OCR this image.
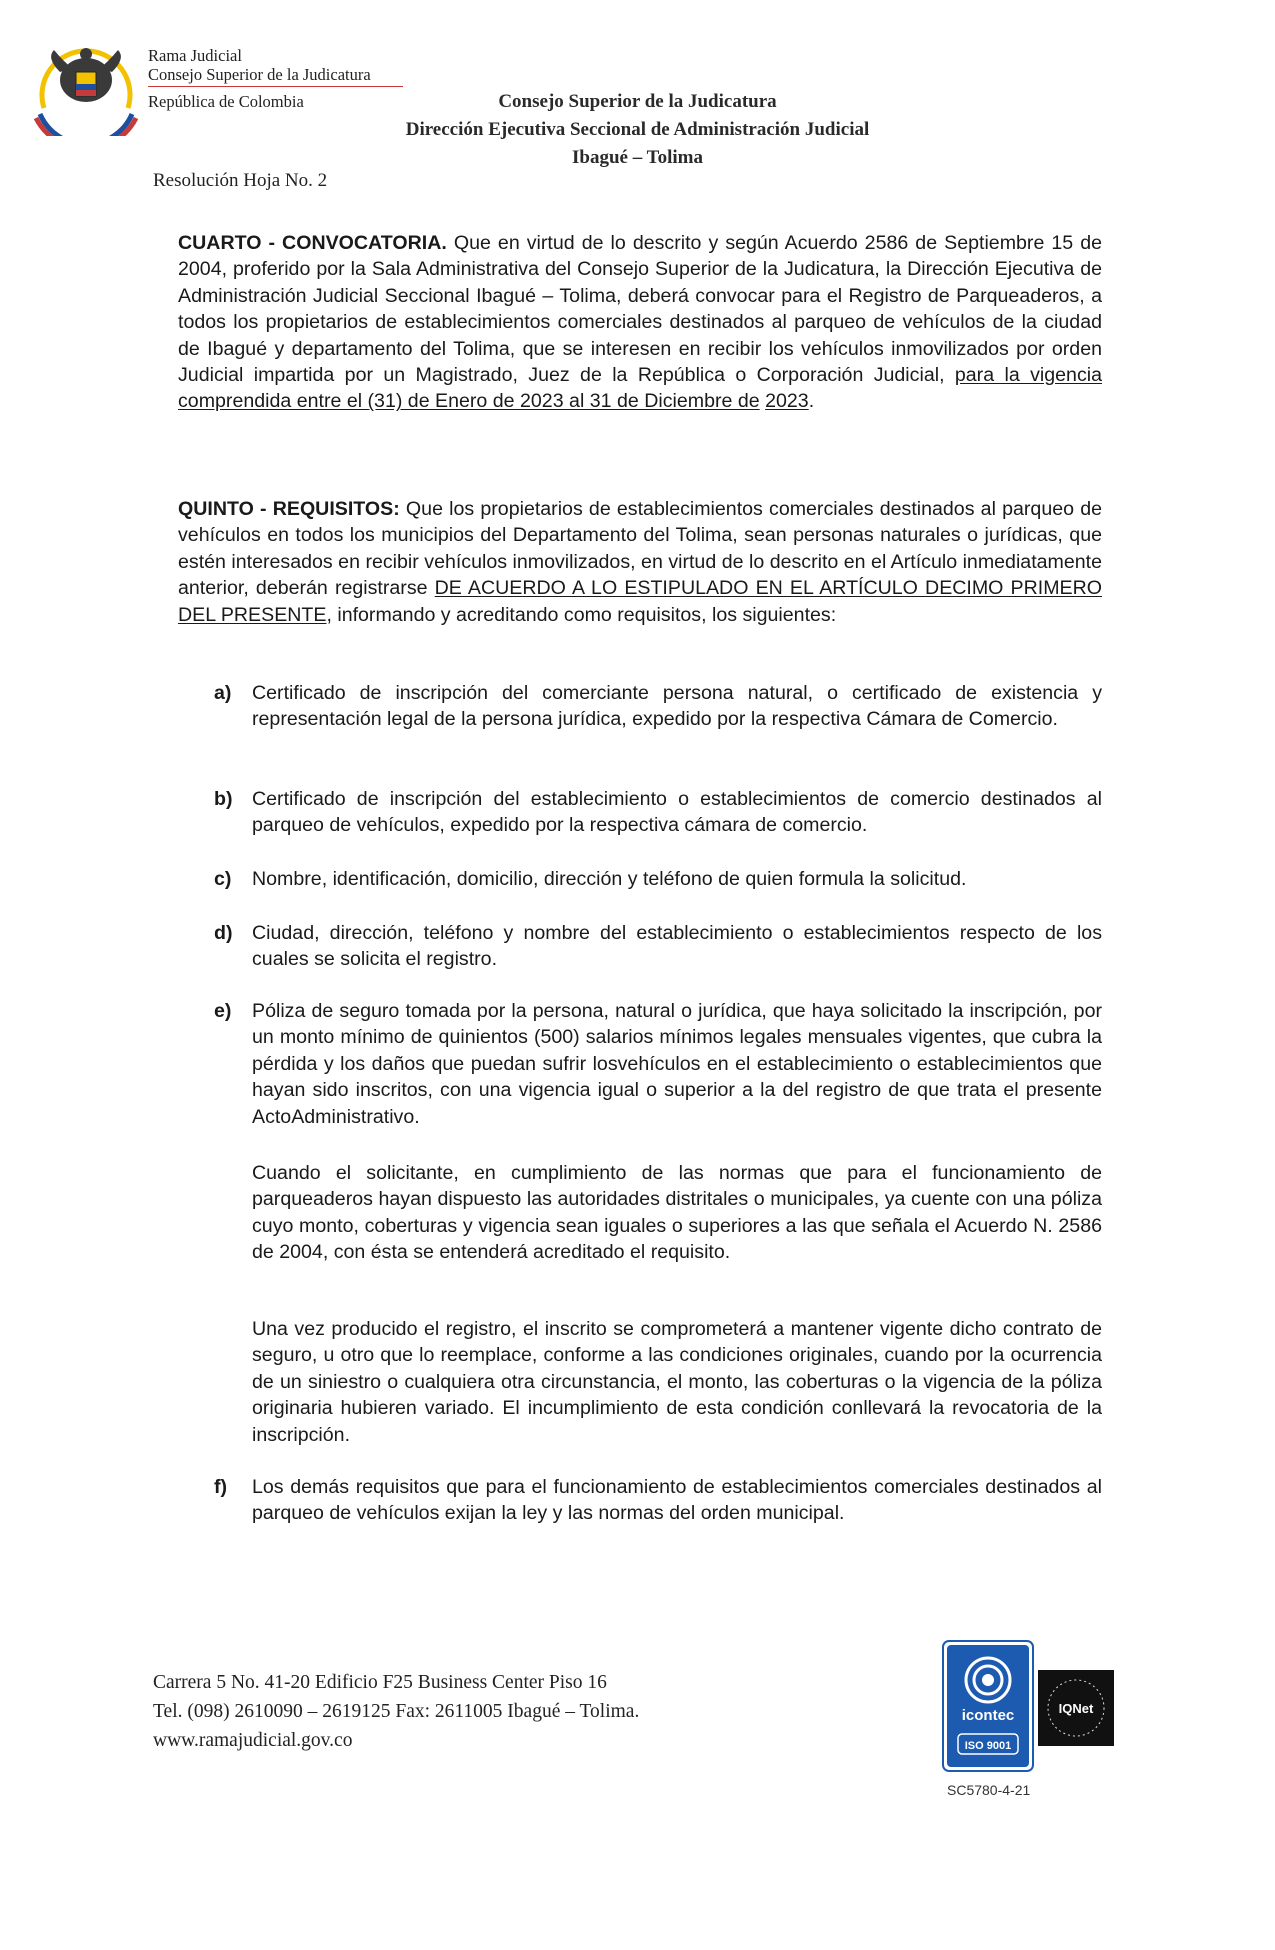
Rama Judicial
Consejo Superior de la Judicatura
República de Colombia	Consejo Superior de la Judicatura
Dirección Ejecutiva Seccional de Administración Judicial
Ibagué – Tolima
Resolución Hoja No. 2
CUARTO - CONVOCATORIA. Que en virtud de lo descrito y según Acuerdo 2586 de Septiembre 15 de 2004, proferido por la Sala Administrativa del Consejo Superior de la Judicatura, la Dirección Ejecutiva de Administración Judicial Seccional Ibagué – Tolima, deberá convocar para el Registro de Parqueaderos, a todos los propietarios de establecimientos comerciales destinados al parqueo de vehículos de la ciudad de Ibagué y departamento del Tolima, que se interesen en recibir los vehículos inmovilizados por orden Judicial impartida por un Magistrado, Juez de la República o Corporación Judicial, para la vigencia comprendida entre el (31) de Enero de 2023 al 31 de Diciembre de 2023.
QUINTO - REQUISITOS: Que los propietarios de establecimientos comerciales destinados al parqueo de vehículos en todos los municipios del Departamento del Tolima, sean personas naturales o jurídicas, que estén interesados en recibir vehículos inmovilizados, en virtud de lo descrito en el Artículo inmediatamente anterior, deberán registrarse DE ACUERDO A LO ESTIPULADO EN EL ARTÍCULO DECIMO PRIMERO DEL PRESENTE, informando y acreditando como requisitos, los siguientes:
a) Certificado de inscripción del comerciante persona natural, o certificado de existencia y representación legal de la persona jurídica, expedido por la respectiva Cámara de Comercio.
b) Certificado de inscripción del establecimiento o establecimientos de comercio destinados al parqueo de vehículos, expedido por la respectiva cámara de comercio.
c) Nombre, identificación, domicilio, dirección y teléfono de quien formula la solicitud.
d) Ciudad, dirección, teléfono y nombre del establecimiento o establecimientos respecto de los cuales se solicita el registro.
e) Póliza de seguro tomada por la persona, natural o jurídica, que haya solicitado la inscripción, por un monto mínimo de quinientos (500) salarios mínimos legales mensuales vigentes, que cubra la pérdida y los daños que puedan sufrir losvehículos en el establecimiento o establecimientos que hayan sido inscritos, con una vigencia igual o superior a la del registro de que trata el presente ActoAdministrativo.
Cuando el solicitante, en cumplimiento de las normas que para el funcionamiento de parqueaderos hayan dispuesto las autoridades distritales o municipales, ya cuente con una póliza cuyo monto, coberturas y vigencia sean iguales o superiores a las que señala el Acuerdo N. 2586 de 2004, con ésta se entenderá acreditado el requisito.
Una vez producido el registro, el inscrito se comprometerá a mantener vigente dicho contrato de seguro, u otro que lo reemplace, conforme a las condiciones originales, cuando por la ocurrencia de un siniestro o cualquiera otra circunstancia, el monto, las coberturas o la vigencia de la póliza originaria hubieren variado. El incumplimiento de esta condición conllevará la revocatoria de la inscripción.
f) Los demás requisitos que para el funcionamiento de establecimientos comerciales destinados al parqueo de vehículos exijan la ley y las normas del orden municipal.
Carrera 5 No. 41-20 Edificio F25 Business Center Piso 16
Tel. (098) 2610090 – 2619125 Fax: 2611005 Ibagué – Tolima.
www.ramajudicial.gov.co
icontec
ISO 9001
IQNet
SC5780-4-21
